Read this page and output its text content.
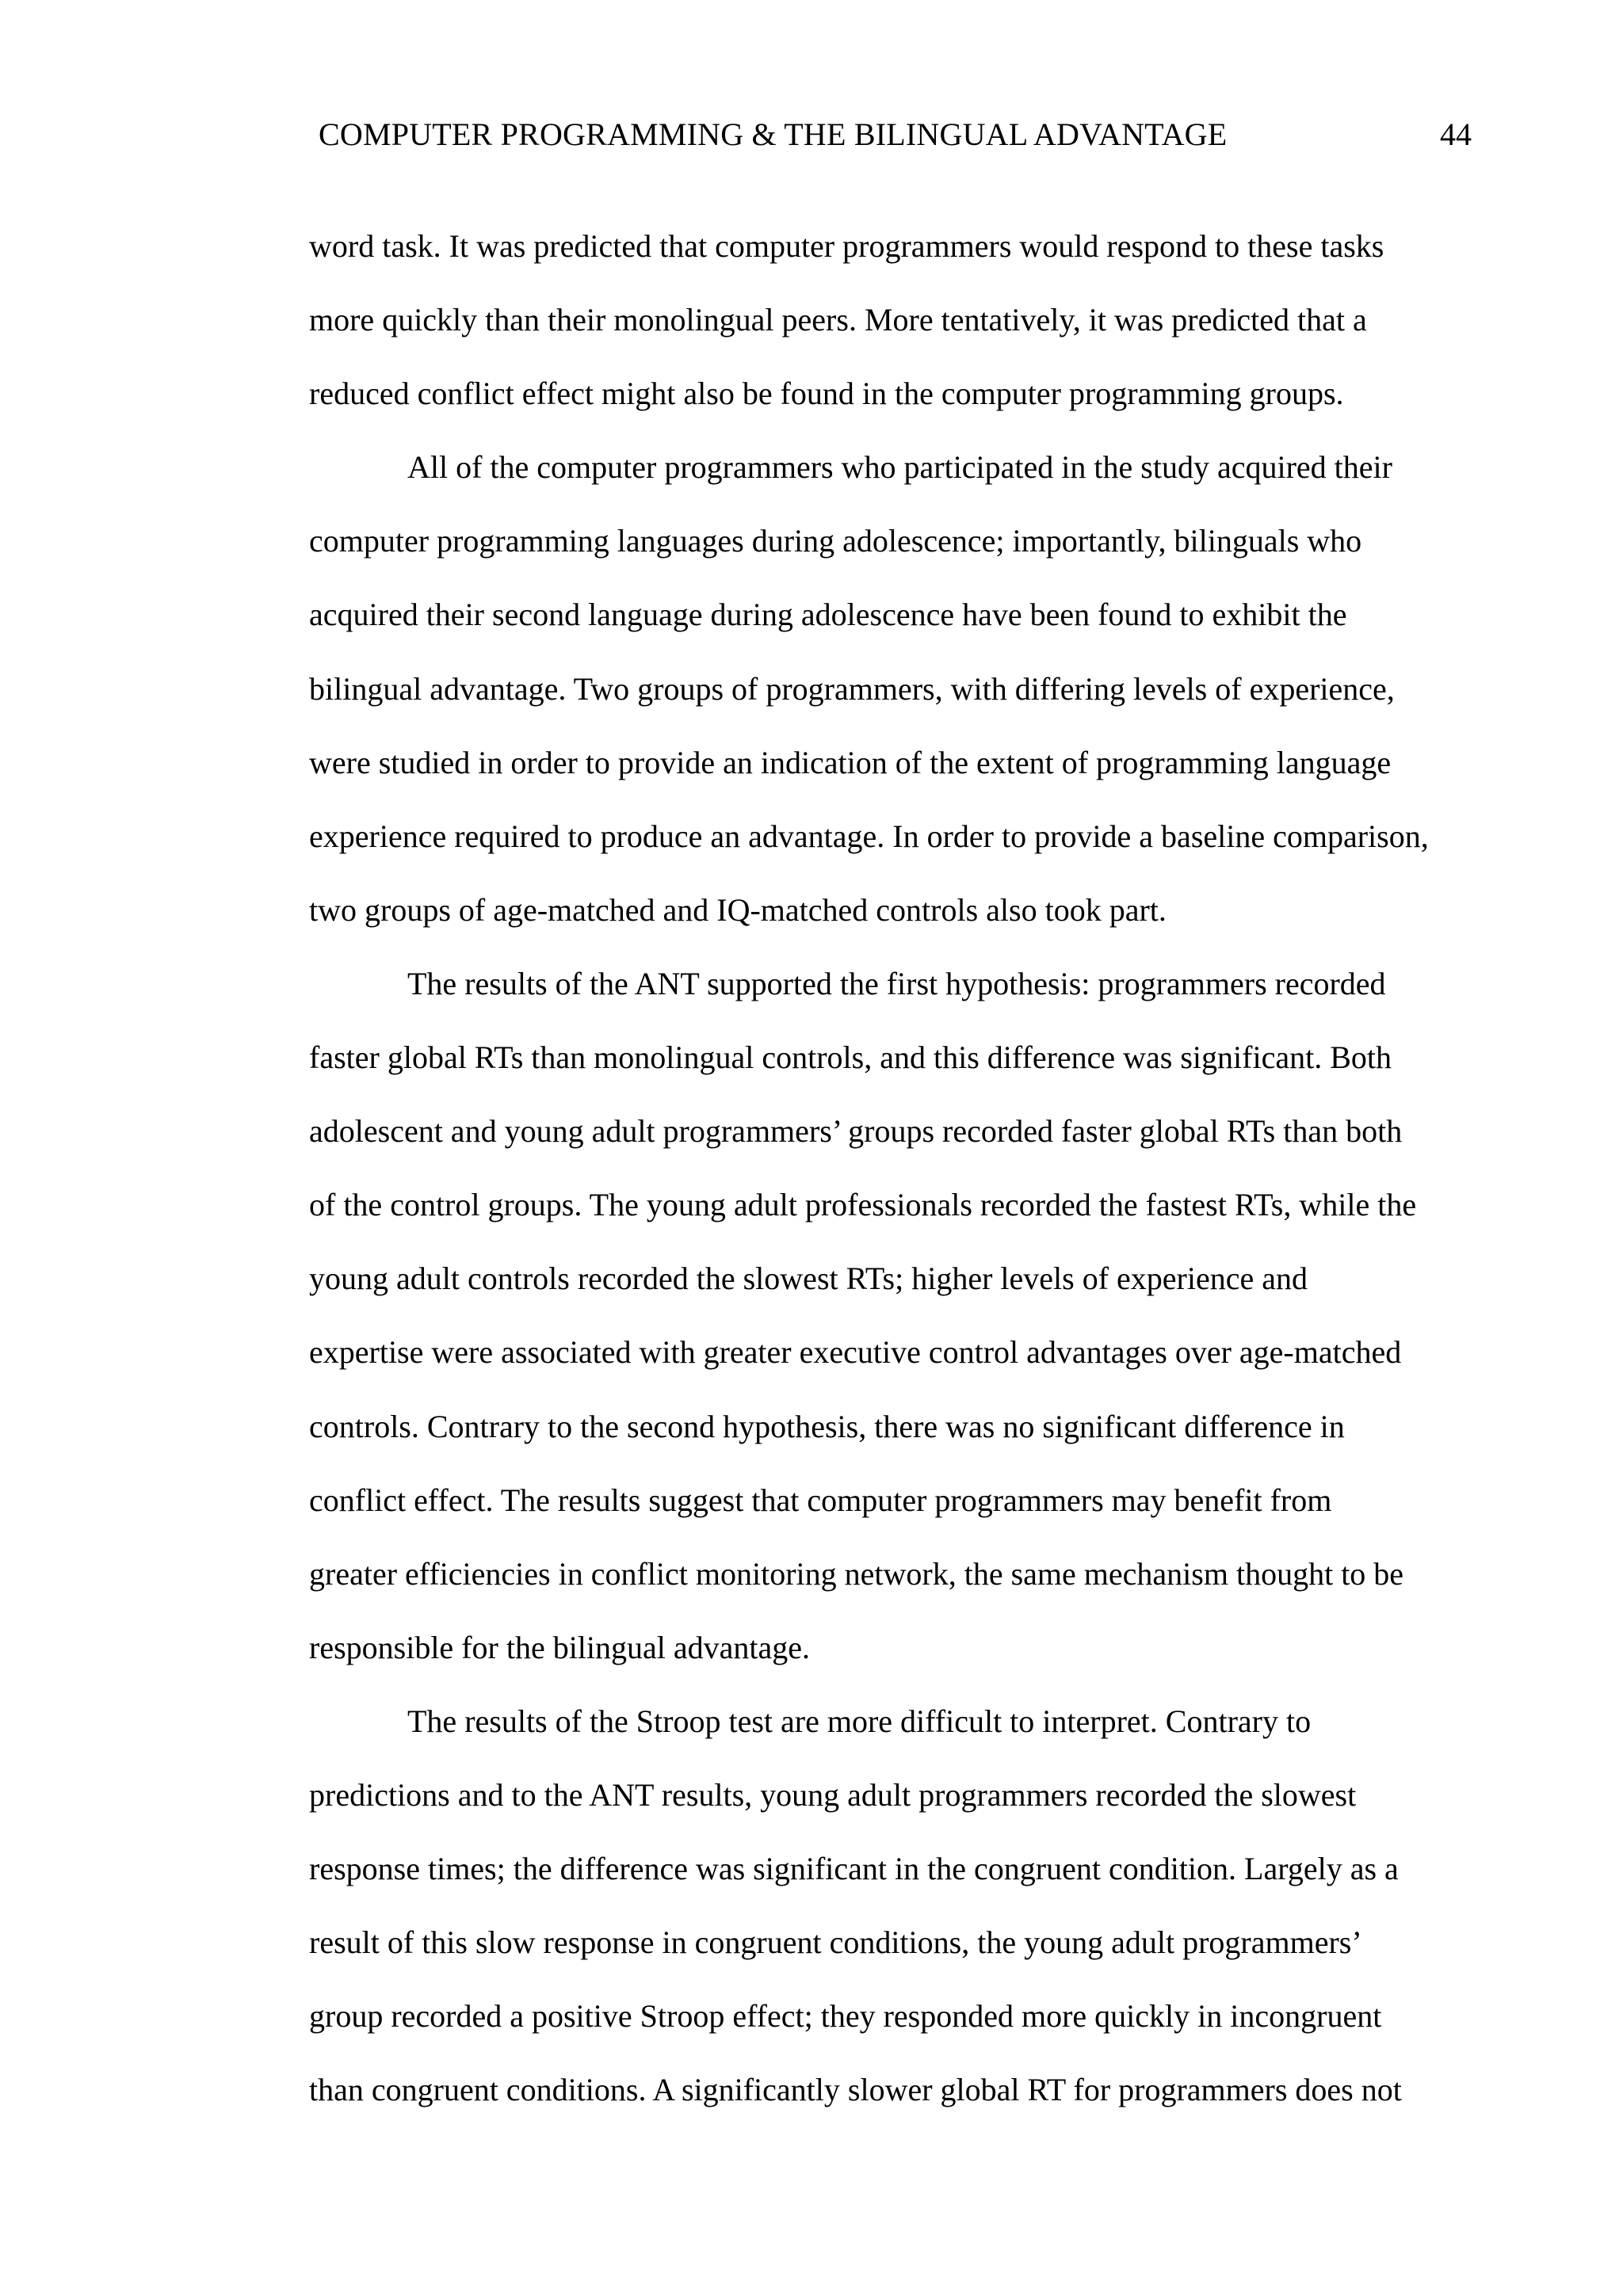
COMPUTER PROGRAMMING & THE BILINGUAL ADVANTAGE	44
word task. It was predicted that computer programmers would respond to these tasks
more quickly than their monolingual peers. More tentatively, it was predicted that a
reduced conflict effect might also be found in the computer programming groups.
All of the computer programmers who participated in the study acquired their
computer programming languages during adolescence; importantly, bilinguals who
acquired their second language during adolescence have been found to exhibit the
bilingual advantage. Two groups of programmers, with differing levels of experience,
were studied in order to provide an indication of the extent of programming language
experience required to produce an advantage. In order to provide a baseline comparison,
two groups of age-matched and IQ-matched controls also took part.
The results of the ANT supported the first hypothesis: programmers recorded
faster global RTs than monolingual controls, and this difference was significant. Both
adolescent and young adult programmers’ groups recorded faster global RTs than both
of the control groups. The young adult professionals recorded the fastest RTs, while the
young adult controls recorded the slowest RTs; higher levels of experience and
expertise were associated with greater executive control advantages over age-matched
controls. Contrary to the second hypothesis, there was no significant difference in
conflict effect. The results suggest that computer programmers may benefit from
greater efficiencies in conflict monitoring network, the same mechanism thought to be
responsible for the bilingual advantage.
The results of the Stroop test are more difficult to interpret. Contrary to
predictions and to the ANT results, young adult programmers recorded the slowest
response times; the difference was significant in the congruent condition. Largely as a
result of this slow response in congruent conditions, the young adult programmers’
group recorded a positive Stroop effect; they responded more quickly in incongruent
than congruent conditions. A significantly slower global RT for programmers does not
